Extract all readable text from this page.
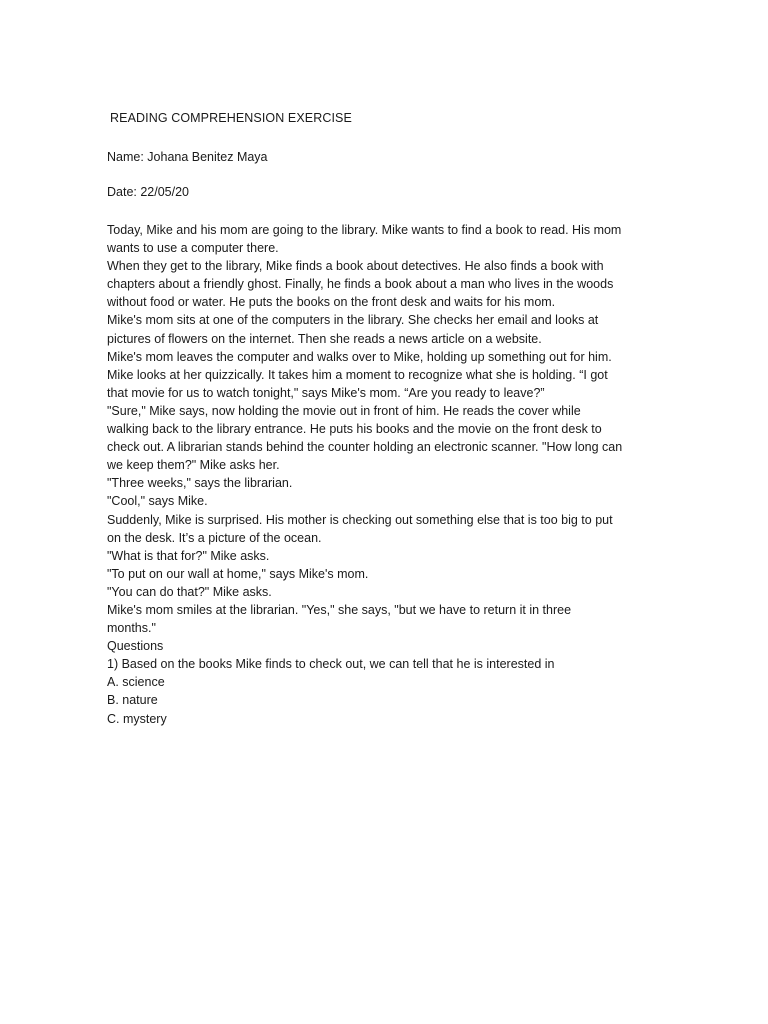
READING COMPREHENSION EXERCISE
Name: Johana Benitez Maya
Date: 22/05/20
Today, Mike and his mom are going to the library. Mike wants to find a book to read. His mom
wants to use a computer there.
When they get to the library, Mike finds a book about detectives. He also finds a book with
chapters about a friendly ghost. Finally, he finds a book about a man who lives in the woods
without food or water. He puts the books on the front desk and waits for his mom.
Mike's mom sits at one of the computers in the library. She checks her email and looks at
pictures of flowers on the internet. Then she reads a news article on a website.
Mike's mom leaves the computer and walks over to Mike, holding up something out for him.
Mike looks at her quizzically. It takes him a moment to recognize what she is holding. “I got
that movie for us to watch tonight," says Mike's mom. “Are you ready to leave?”
"Sure," Mike says, now holding the movie out in front of him. He reads the cover while
walking back to the library entrance. He puts his books and the movie on the front desk to
check out. A librarian stands behind the counter holding an electronic scanner. "How long can
we keep them?" Mike asks her.
"Three weeks," says the librarian.
"Cool," says Mike.
Suddenly, Mike is surprised. His mother is checking out something else that is too big to put
on the desk. It’s a picture of the ocean.
"What is that for?" Mike asks.
"To put on our wall at home," says Mike's mom.
"You can do that?" Mike asks.
Mike's mom smiles at the librarian. "Yes," she says, "but we have to return it in three
months."
Questions
1) Based on the books Mike finds to check out, we can tell that he is interested in
A. science
B. nature
C. mystery
